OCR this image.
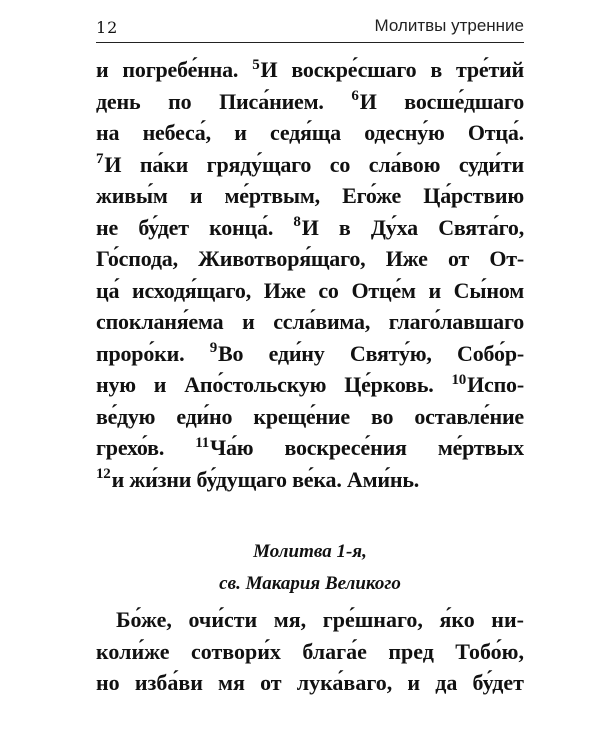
12	Молитвы утренние
и погребе́нна. $^5$И воскре́сшаго в тре́тий
день по Писа́нием. $^6$И восше́дшаго
на небеса́, и седя́ща одесну́ю Отца́.
$^7$И па́ки гряду́щаго со сла́вою суди́ти
живы́м и ме́ртвым, Его́же Ца́рствию
не бу́дет конца́. $^8$И в Ду́ха Свята́го,
Го́спода, Животворя́щаго, Иже от От-
ца́ исходя́щаго, Иже со Отце́м и Сы́ном
спокланя́ема и ссла́вима, глаго́лавшаго
проро́ки. $^9$Во еди́ну Святу́ю, Собо́р-
ную и Апо́стольскую Це́рковь. $^{10}$Испо-
ве́дую еди́но креще́ние во оставле́ние
грехо́в. $^{11}$Ча́ю воскресе́ния ме́ртвых
$^{12}$и жи́зни бу́дущаго ве́ка. Ами́нь.
Молитва 1-я,
св. Макария Великого
Бо́же, очи́сти мя, гре́шнаго, я́ко ни-
коли́же сотвори́х блага́е пред Тобо́ю,
но изба́ви мя от лука́ваго, и да бу́дет
